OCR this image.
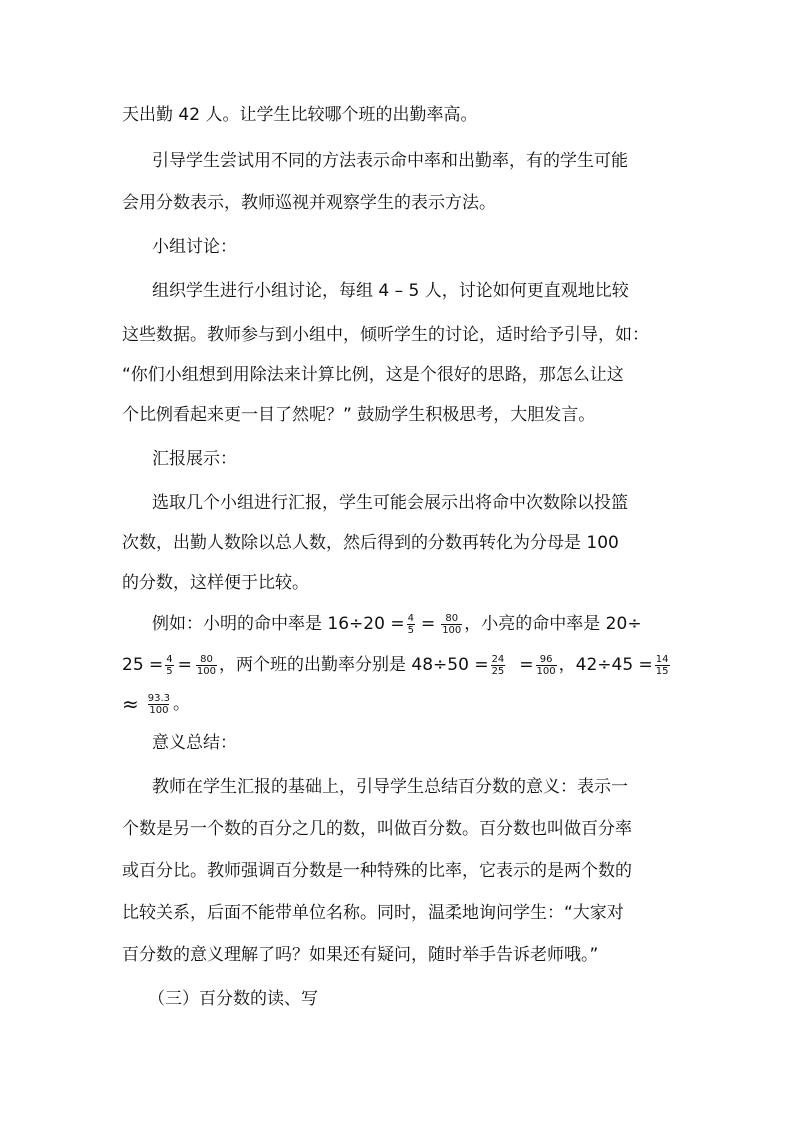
天出勤 42 人。让学生比较哪个班的出勤率高。
引导学生尝试用不同的方法表示命中率和出勤率，有的学生可能
会用分数表示，教师巡视并观察学生的表示方法。
小组讨论：
组织学生进行小组讨论，每组 4 – 5 人，讨论如何更直观地比较
这些数据。教师参与到小组中，倾听学生的讨论，适时给予引导，如：
“你们小组想到用除法来计算比例，这是个很好的思路，那怎么让这
个比例看起来更一目了然呢？” 鼓励学生积极思考，大胆发言。
汇报展示：
选取几个小组进行汇报，学生可能会展示出将命中次数除以投篮
次数，出勤人数除以总人数，然后得到的分数再转化为分母是 100
的分数，这样便于比较。
例如：小明的命中率是 $16\div 20 = \frac{4}{5} = \frac{80}{100}$ ，小亮的命中率是 20÷
$25 = \frac{4}{5} = \frac{80}{100}$ ，两个班的出勤率分别是 $48\div 50 = \frac{24}{25} = \frac{96}{100}$ ，$42\div 45 = \frac{14}{15}$
≈ $\frac{93.3}{100}$ 。
意义总结：
教师在学生汇报的基础上，引导学生总结百分数的意义：表示一
个数是另一个数的百分之几的数，叫做百分数。百分数也叫做百分率
或百分比。教师强调百分数是一种特殊的比率，它表示的是两个数的
比较关系，后面不能带单位名称。同时，温柔地询问学生：“大家对
百分数的意义理解了吗？如果还有疑问，随时举手告诉老师哦。”
（三）百分数的读、写
